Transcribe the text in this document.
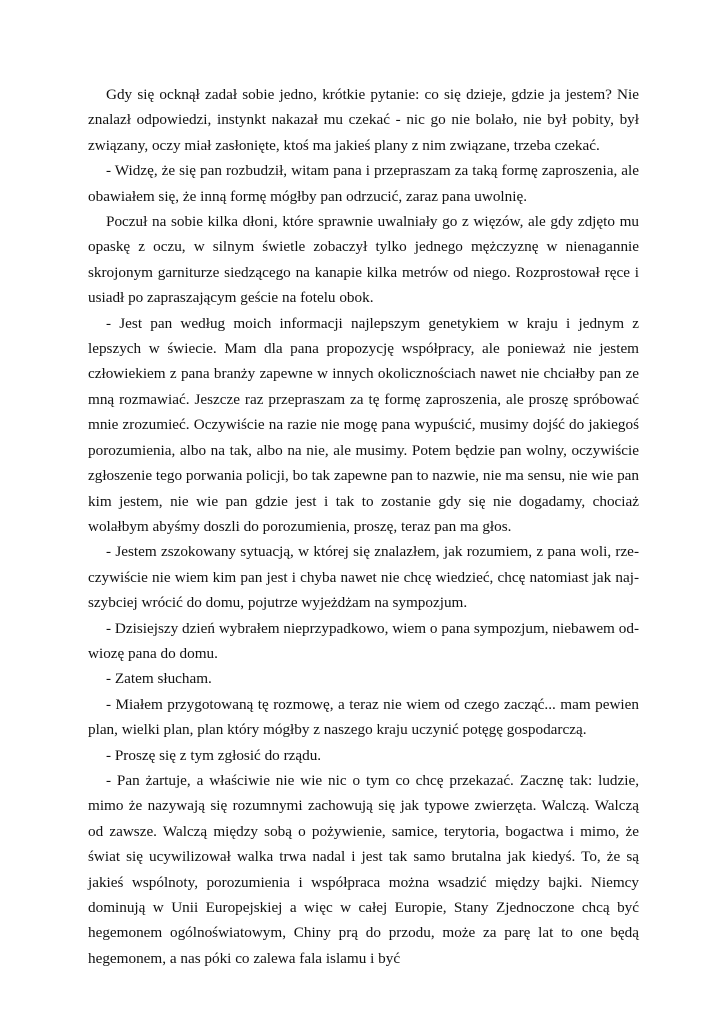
Gdy się ocknął zadał sobie jedno, krótkie pytanie: co się dzieje, gdzie ja jestem? Nie znalazł odpowiedzi, instynkt nakazał mu czekać - nic go nie bolało, nie był pobity, był związany, oczy miał zasłonięte, ktoś ma jakieś plany z nim związane, trzeba czekać.

- Widzę, że się pan rozbudził, witam pana i przepraszam za taką formę zaproszenia, ale obawiałem się, że inną formę mógłby pan odrzucić, zaraz pana uwolnię.

Poczuł na sobie kilka dłoni, które sprawnie uwalniały go z więzów, ale gdy zdjęto mu opaskę z oczu, w silnym świetle zobaczył tylko jednego mężczyznę w nienagannie skrojonym garniturze siedzącego na kanapie kilka metrów od niego. Rozprostował ręce i usiadł po zapraszającym geście na fotelu obok.

- Jest pan według moich informacji najlepszym genetykiem w kraju i jednym z lepszych w świecie. Mam dla pana propozycję współpracy, ale ponieważ nie jestem człowiekiem z pana branży zapewne w innych okolicznościach nawet nie chciałby pan ze mną rozmawiać. Jeszcze raz przepraszam za tę formę zaproszenia, ale proszę spróbować mnie zrozumieć. Oczywiście na razie nie mogę pana wypuścić, musimy dojść do jakiegoś porozumienia, albo na tak, albo na nie, ale musimy. Potem będzie pan wolny, oczywiście zgłoszenie tego porwania policji, bo tak zapewne pan to nazwie, nie ma sensu, nie wie pan kim jestem, nie wie pan gdzie jest i tak to zostanie gdy się nie dogadamy, chociaż wolałbym abyśmy doszli do porozumienia, proszę, teraz pan ma głos.

- Jestem zszokowany sytuacją, w której się znalazłem, jak rozumiem, z pana woli, rzeczywiście nie wiem kim pan jest i chyba nawet nie chcę wiedzieć, chcę natomiast jak najszybciej wrócić do domu, pojutrze wyjeżdżam na sympozjum.

- Dzisiejszy dzień wybrałem nieprzypadkowo, wiem o pana sympozjum, niebawem odwiozę pana do domu.

- Zatem słucham.

- Miałem przygotowaną tę rozmowę, a teraz nie wiem od czego zacząć... mam pewien plan, wielki plan, plan który mógłby z naszego kraju uczynić potęgę gospodarczą.

- Proszę się z tym zgłosić do rządu.

- Pan żartuje, a właściwie nie wie nic o tym co chcę przekazać. Zacznę tak: ludzie, mimo że nazywają się rozumnymi zachowują się jak typowe zwierzęta. Walczą. Walczą od zawsze. Walczą między sobą o pożywienie, samice, terytoria, bogactwa i mimo, że świat się ucywilizował walka trwa nadal i jest tak samo brutalna jak kiedyś. To, że są jakieś wspólnoty, porozumienia i współpraca można wsadzić między bajki. Niemcy dominują w Unii Europejskiej a więc w całej Europie, Stany Zjednoczone chcą być hegemonem ogólnoświatowym, Chiny prą do przodu, może za parę lat to one będą hegemonem, a nas póki co zalewa fala islamu i być
